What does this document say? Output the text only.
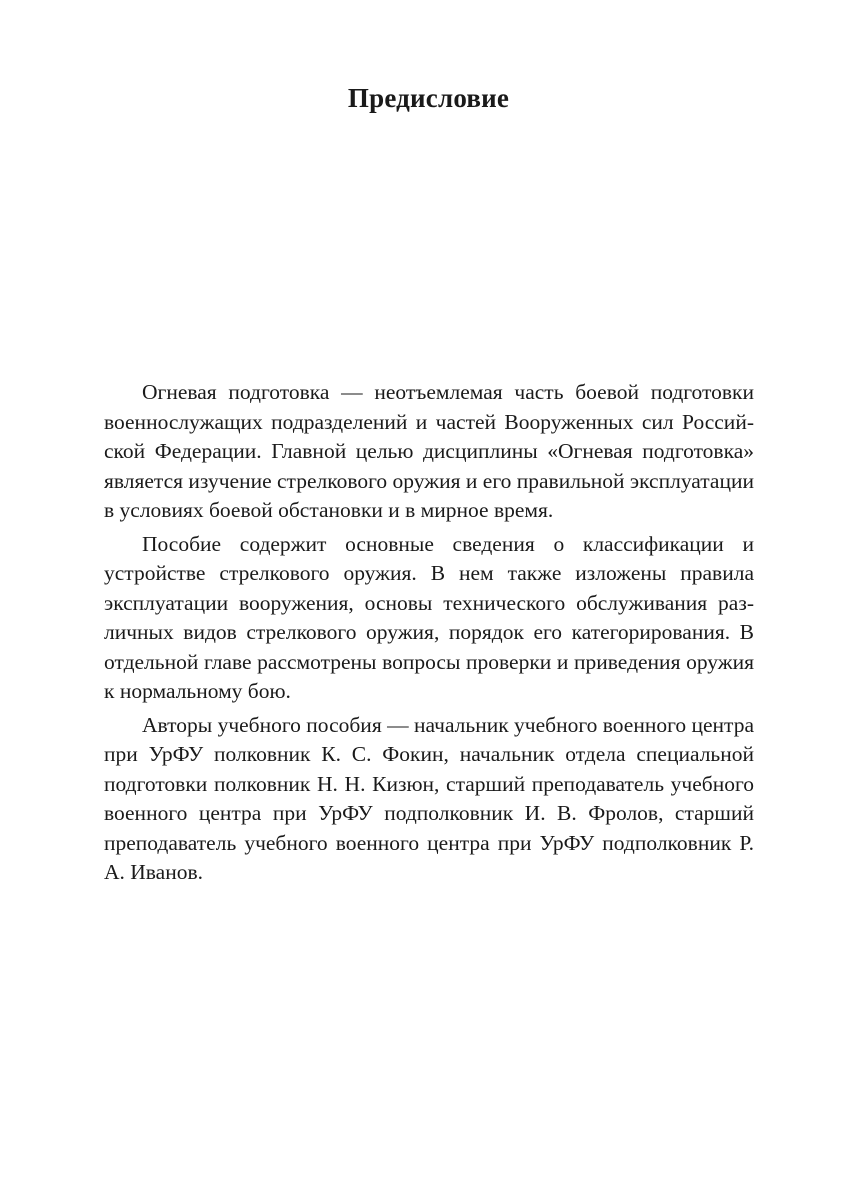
Предисловие

Огневая подготовка — неотъемлемая часть боевой подготовки военнослужащих подразделений и частей Вооруженных сил Российской Федерации. Главной целью дисциплины «Огневая подготовка» является изучение стрелкового оружия и его правильной эксплуатации в условиях боевой обстановки и в мирное время.

Пособие содержит основные сведения о классификации и устройстве стрелкового оружия. В нем также изложены правила эксплуатации вооружения, основы технического обслуживания различных видов стрелкового оружия, порядок его категорирования. В отдельной главе рассмотрены вопросы проверки и приведения оружия к нормальному бою.

Авторы учебного пособия — начальник учебного военного центра при УрФУ полковник К. С. Фокин, начальник отдела специальной подготовки полковник Н. Н. Кизюн, старший преподаватель учебного военного центра при УрФУ подполковник И. В. Фролов, старший преподаватель учебного военного центра при УрФУ подполковник Р. А. Иванов.
